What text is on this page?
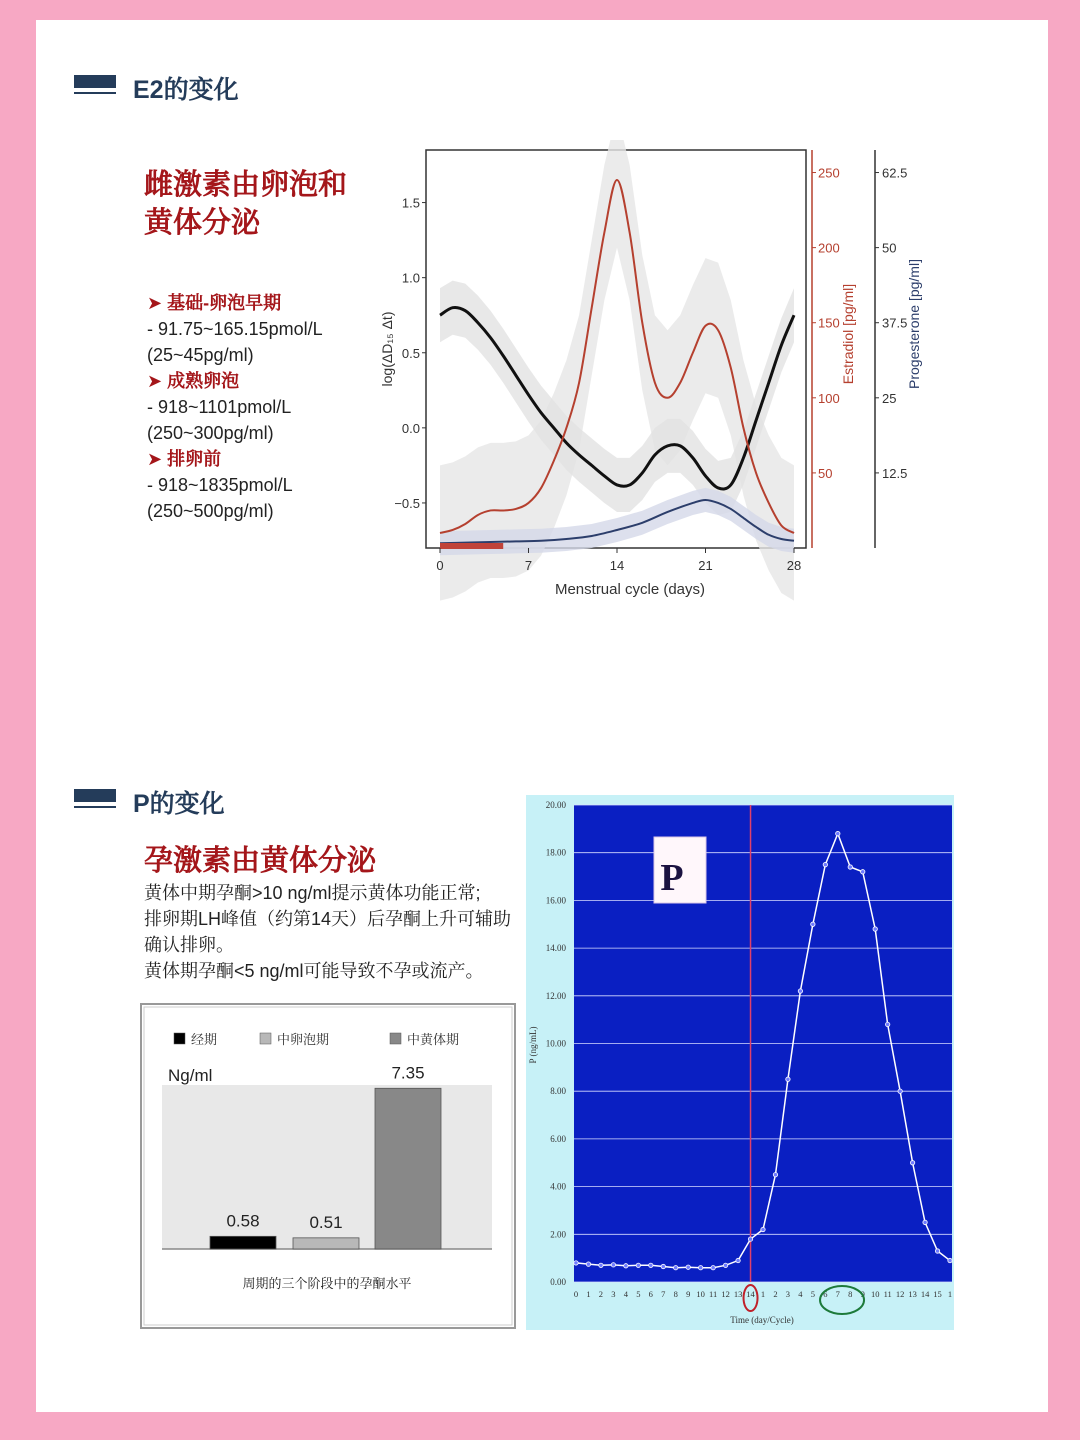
E2的变化
雌激素由卵泡和
黄体分泌
➤ 基础-卵泡早期
- 91.75~165.15pmol/L
(25~45pg/ml)
➤ 成熟卵泡
- 918~1101pmol/L
(250~300pg/ml)
➤ 排卵前
- 918~1835pmol/L
(250~500pg/ml)
1.5
1.0
0.5
0.0
−0.5
log(ΔD₁₅ Δt)
250
200
150
100
50
Estradiol [pg/ml]
62.5
50
37.5
25
12.5
Progesterone [pg/ml]
0	7	14	21	28
Menstrual cycle (days)
P的变化
孕激素由黄体分泌
黄体中期孕酮>10 ng/ml提示黄体功能正常;
排卵期LH峰值（约第14天）后孕酮上升可辅助
确认排卵。
黄体期孕酮<5 ng/ml可能导致不孕或流产。
经期	中卵泡期	中黄体期
Ng/ml
0.58	0.51
7.35
周期的三个阶段中的孕酮水平	0.00
2.00
4.00
6.00
8.00
10.00
12.00
14.00
16.00
18.00
20.00
P (ng/mL)
0 1 2 3 4 5 6 7 8 9 10 11 12 13 14 1 2 3 4 5 6 7 8 9 10 11 12 13 14 15 1
Time (day/Cycle)
P
